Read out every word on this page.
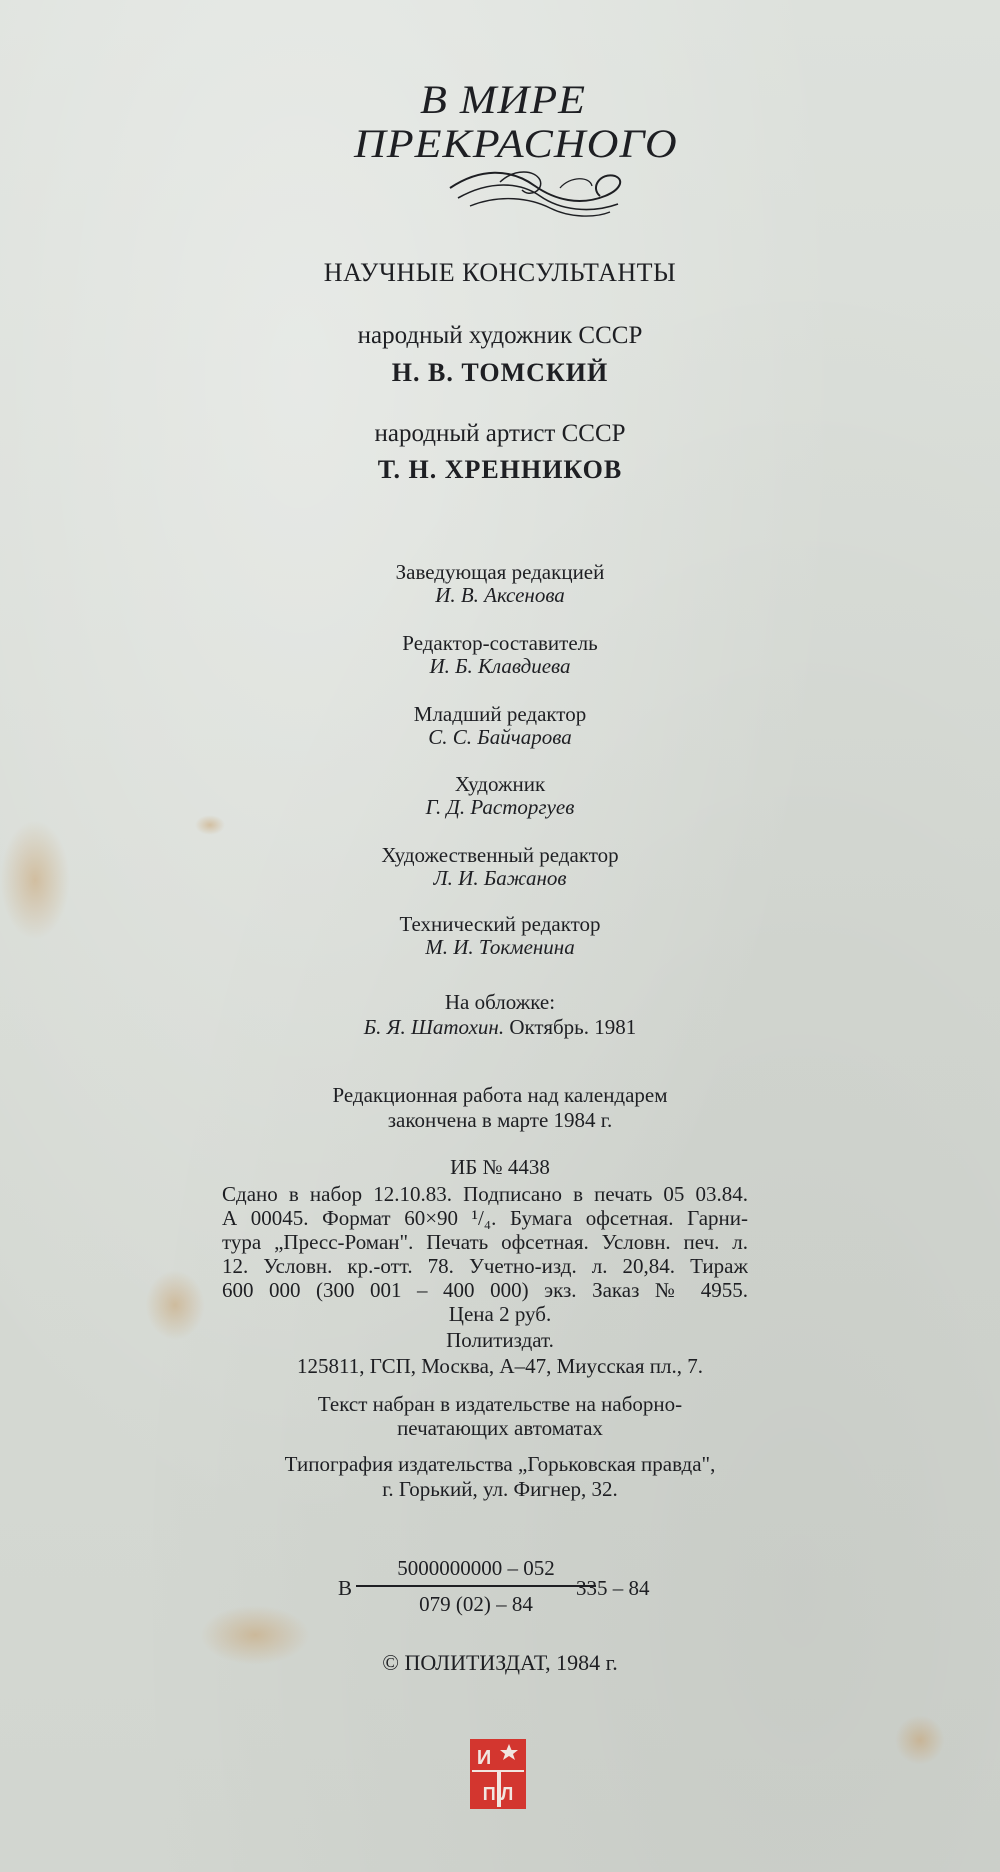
В МИРЕ
ПРЕКРАСНОГО
НАУЧНЫЕ КОНСУЛЬТАНТЫ
народный художник СССР
Н. В. ТОМСКИЙ
народный артист СССР
Т. Н. ХРЕННИКОВ
Заведующая редакцией
И. В. Аксенова
Редактор-составитель
И. Б. Клавдиева
Младший редактор
С. С. Байчарова
Художник
Г. Д. Расторгуев
Художественный редактор
Л. И. Бажанов
Технический редактор
М. И. Токменина
На обложке:
Б. Я. Шатохин. Октябрь. 1981
Редакционная работа над календарем
закончена в марте 1984 г.
ИБ № 4438
Сдано в набор 12.10.83. Подписано в печать 05 03.84.
А 00045. Формат 60×90 ¹/₄. Бумага офсетная. Гарни-
тура „Пресс-Роман". Печать офсетная. Условн. печ. л.
12. Условн. кр.-отт. 78. Учетно-изд. л. 20,84. Тираж
600 000 (300 001 – 400 000) экз. Заказ № 4955.
Цена 2 руб.
Политиздат.
125811, ГСП, Москва, А–47, Миусская пл., 7.
Текст набран в издательстве на наборно-
печатающих автоматах
Типография издательства „Горьковская правда",
г. Горький, ул. Фигнер, 32.
В
5000000000 – 052
079 (02) – 84
335 – 84
© ПОЛИТИЗДАТ, 1984 г.
И
П Л
